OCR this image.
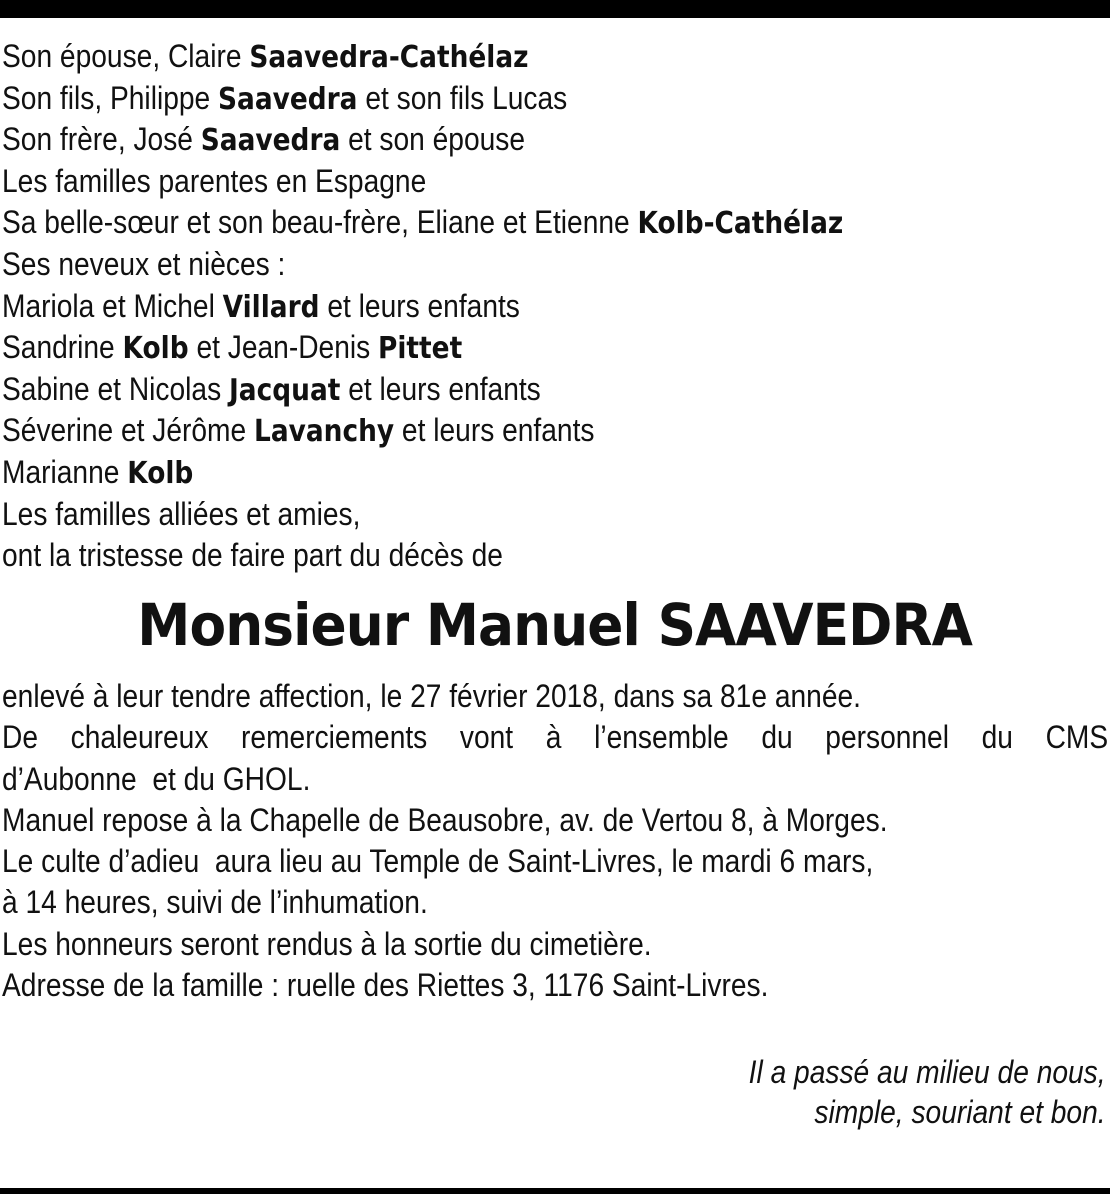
Son épouse, Claire Saavedra-Cathélaz
Son fils, Philippe Saavedra et son fils Lucas
Son frère, José Saavedra et son épouse
Les familles parentes en Espagne
Sa belle-sœur et son beau-frère, Eliane et Etienne Kolb-Cathélaz
Ses neveux et nièces :
Mariola et Michel Villard et leurs enfants
Sandrine Kolb et Jean-Denis Pittet
Sabine et Nicolas Jacquat et leurs enfants
Séverine et Jérôme Lavanchy et leurs enfants
Marianne Kolb
Les familles alliées et amies,
ont la tristesse de faire part du décès de
Monsieur Manuel SAAVEDRA
enlevé à leur tendre affection, le 27 février 2018, dans sa 81e année.
De chaleureux remerciements vont à l’ensemble du personnel du CMS
d’Aubonne  et du GHOL.
Manuel repose à la Chapelle de Beausobre, av. de Vertou 8, à Morges.
Le culte d’adieu  aura lieu au Temple de Saint-Livres, le mardi 6 mars,
à 14 heures, suivi de l’inhumation.
Les honneurs seront rendus à la sortie du cimetière.
Adresse de la famille : ruelle des Riettes 3, 1176 Saint-Livres.
Il a passé au milieu de nous,
simple, souriant et bon.
